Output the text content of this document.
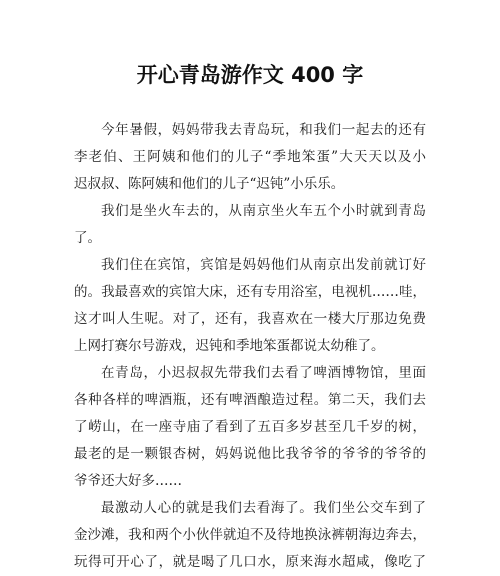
开心青岛游作文 400 字
今年暑假，妈妈带我去青岛玩，和我们一起去的还有
李老伯、王阿姨和他们的儿子“季地笨蛋”大天天以及小
迟叔叔、陈阿姨和他们的儿子“迟钝”小乐乐。
我们是坐火车去的，从南京坐火车五个小时就到青岛
了。
我们住在宾馆，宾馆是妈妈他们从南京出发前就订好
的。我最喜欢的宾馆大床，还有专用浴室，电视机……哇，
这才叫人生呢。对了，还有，我喜欢在一楼大厅那边免费
上网打赛尔号游戏，迟钝和季地笨蛋都说太幼稚了。
在青岛，小迟叔叔先带我们去看了啤酒博物馆，里面
各种各样的啤酒瓶，还有啤酒酿造过程。第二天，我们去
了崂山，在一座寺庙了看到了五百多岁甚至几千岁的树，
最老的是一颗银杏树，妈妈说他比我爷爷的爷爷的爷爷的
爷爷还大好多……
最激动人心的就是我们去看海了。我们坐公交车到了
金沙滩，我和两个小伙伴就迫不及待地换泳裤朝海边奔去，
玩得可开心了，就是喝了几口水，原来海水超咸，像吃了
